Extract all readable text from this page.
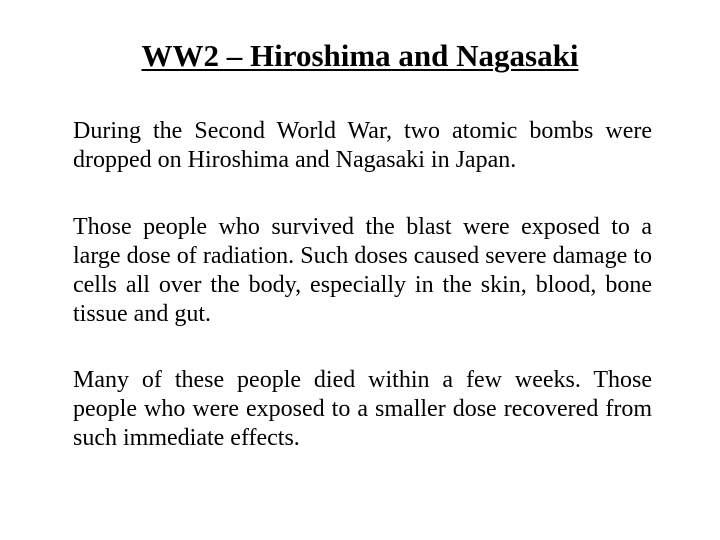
WW2 – Hiroshima and Nagasaki

During the Second World War, two atomic bombs were dropped on Hiroshima and Nagasaki in Japan.

Those people who survived the blast were exposed to a large dose of radiation. Such doses caused severe damage to cells all over the body, especially in the skin, blood, bone tissue and gut.

Many of these people died within a few weeks. Those people who were exposed to a smaller dose recovered from such immediate effects.
